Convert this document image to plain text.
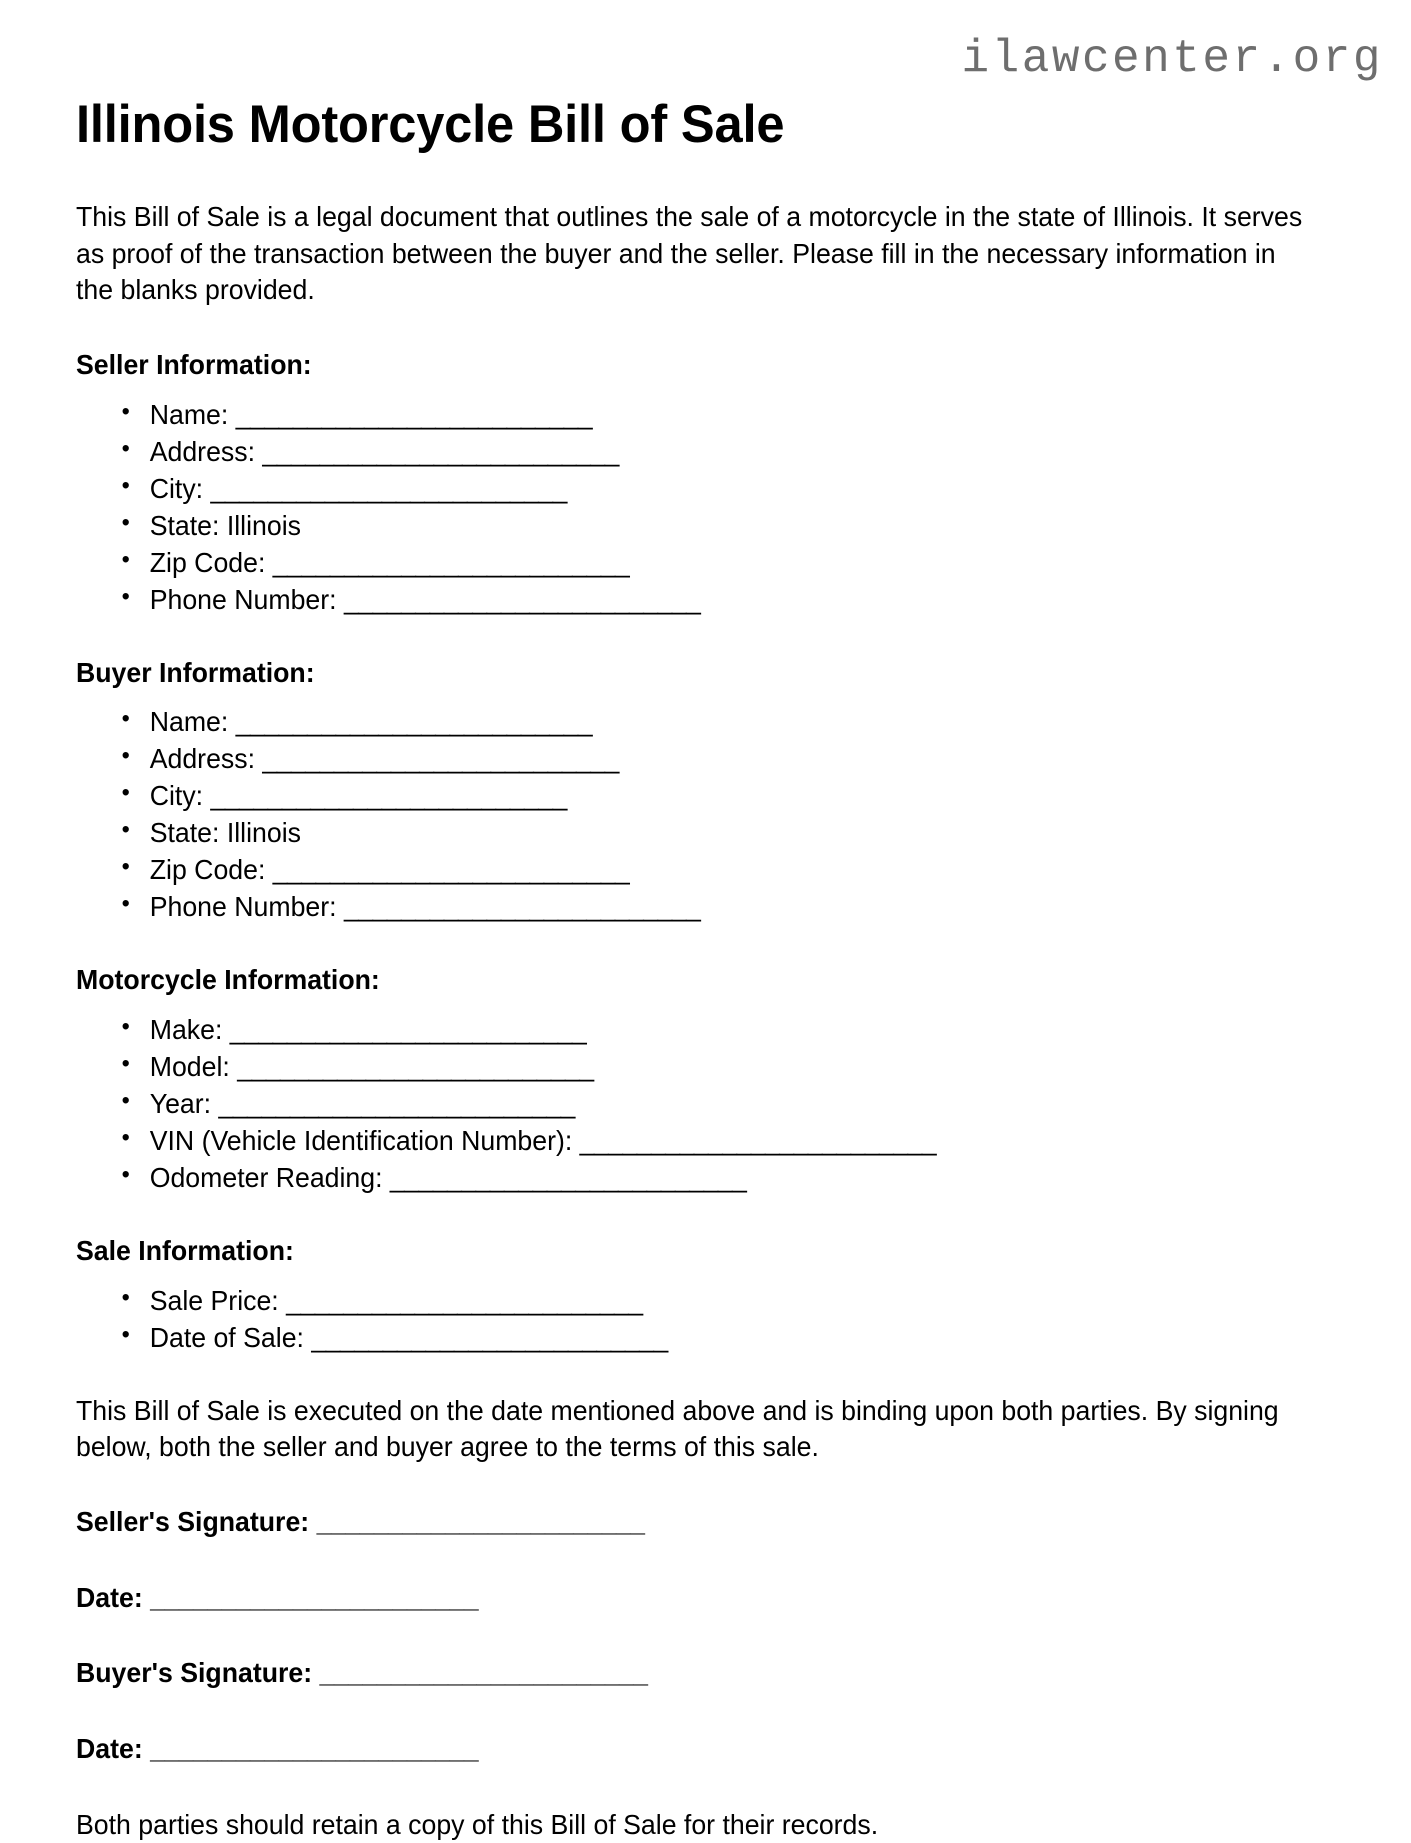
ilawcenter.org
Illinois Motorcycle Bill of Sale

This Bill of Sale is a legal document that outlines the sale of a motorcycle in the state of Illinois. It serves as proof of the transaction between the buyer and the seller. Please fill in the necessary information in the blanks provided.

Seller Information:
• Name: _________________________
• Address: _________________________
• City: _________________________
• State: Illinois
• Zip Code: _________________________
• Phone Number: _________________________
Buyer Information:
• Name: _________________________
• Address: _________________________
• City: _________________________
• State: Illinois
• Zip Code: _________________________
• Phone Number: _________________________
Motorcycle Information:
• Make: _________________________
• Model: _________________________
• Year: _________________________
• VIN (Vehicle Identification Number): _________________________
• Odometer Reading: _________________________
Sale Information:
• Sale Price: _________________________
• Date of Sale: _________________________

This Bill of Sale is executed on the date mentioned above and is binding upon both parties. By signing below, both the seller and buyer agree to the terms of this sale.

Seller's Signature: _______________________
Date: _______________________
Buyer's Signature: _______________________
Date: _______________________

Both parties should retain a copy of this Bill of Sale for their records.
